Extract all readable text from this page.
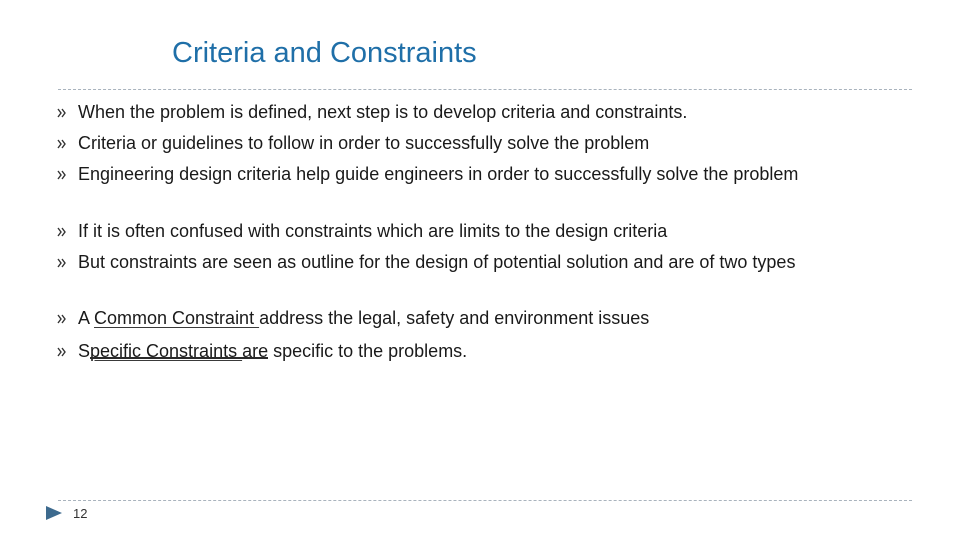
Criteria and Constraints
When the problem is defined, next step is to develop criteria and constraints.
Criteria or guidelines to follow in order to successfully solve the problem
Engineering design criteria help guide engineers in order to successfully solve the problem
If it is often confused with constraints which are limits to the design criteria
But constraints are seen as outline for the design of potential solution and are of two types
A Common Constraint address the legal, safety and environment issues
Specific Constraints are specific to the problems.
12
